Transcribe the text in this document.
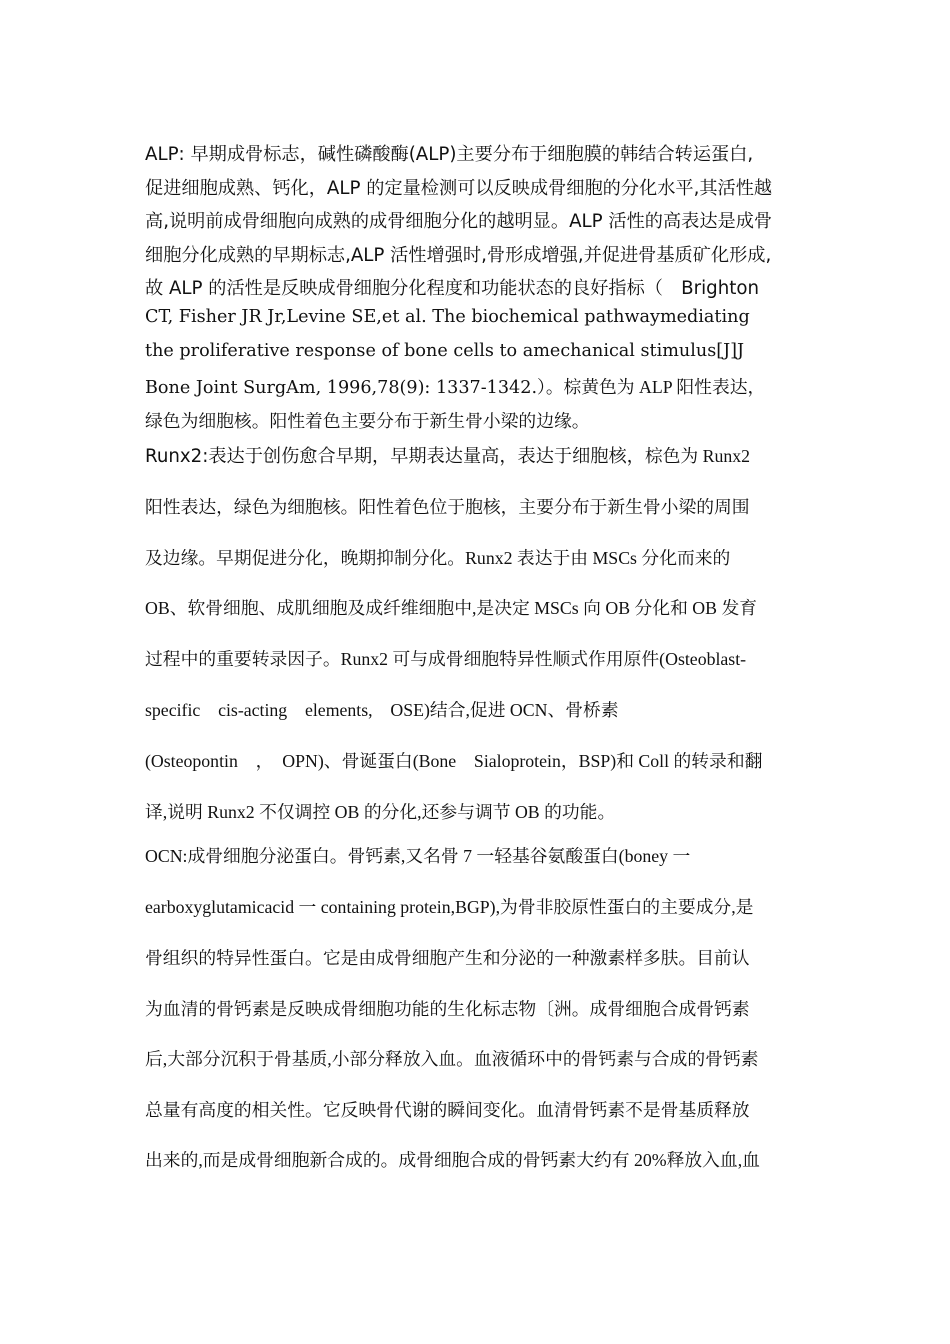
ALP: 早期成骨标志，碱性磷酸酶(ALP)主要分布于细胞膜的韩结合转运蛋白,

促进细胞成熟、钙化，ALP 的定量检测可以反映成骨细胞的分化水平,其活性越

高,说明前成骨细胞向成熟的成骨细胞分化的越明显。ALP 活性的高表达是成骨

细胞分化成熟的早期标志,ALP 活性增强时,骨形成增强,并促进骨基质矿化形成,

故 ALP 的活性是反映成骨细胞分化程度和功能状态的良好指标（　Brighton

CT, Fisher JR Jr,Levine SE,et al. The biochemical pathwaymediating

the proliferative response of bone cells to amechanical stimulus[J]J

Bone Joint SurgAm, 1996,78(9): 1337-1342.）。棕黄色为 ALP 阳性表达，

绿色为细胞核。阳性着色主要分布于新生骨小梁的边缘。

Runx2:表达于创伤愈合早期，早期表达量高，表达于细胞核，棕色为 Runx2

阳性表达，绿色为细胞核。阳性着色位于胞核，主要分布于新生骨小梁的周围

及边缘。早期促进分化，晚期抑制分化。Runx2 表达于由 MSCs 分化而来的

OB、软骨细胞、成肌细胞及成纤维细胞中,是决定 MSCs 向 OB 分化和 OB 发育

过程中的重要转录因子。Runx2 可与成骨细胞特异性顺式作用原件(Osteoblast-

specific　cis-acting　elements,　OSE)结合,促进 OCN、骨桥素

(Osteopontin　，　OPN)、骨诞蛋白(Bone　Sialoprotein，BSP)和 Coll 的转录和翻

译,说明 Runx2 不仅调控 OB 的分化,还参与调节 OB 的功能。

OCN:成骨细胞分泌蛋白。骨钙素,又名骨 7 一轻基谷氨酸蛋白(boney 一

earboxyglutamicacid 一 containing protein,BGP),为骨非胶原性蛋白的主要成分,是

骨组织的特异性蛋白。它是由成骨细胞产生和分泌的一种激素样多肤。目前认

为血清的骨钙素是反映成骨细胞功能的生化标志物〔洲。成骨细胞合成骨钙素

后,大部分沉积于骨基质,小部分释放入血。血液循环中的骨钙素与合成的骨钙素

总量有高度的相关性。它反映骨代谢的瞬间变化。血清骨钙素不是骨基质释放

出来的,而是成骨细胞新合成的。成骨细胞合成的骨钙素大约有 20%释放入血,血
